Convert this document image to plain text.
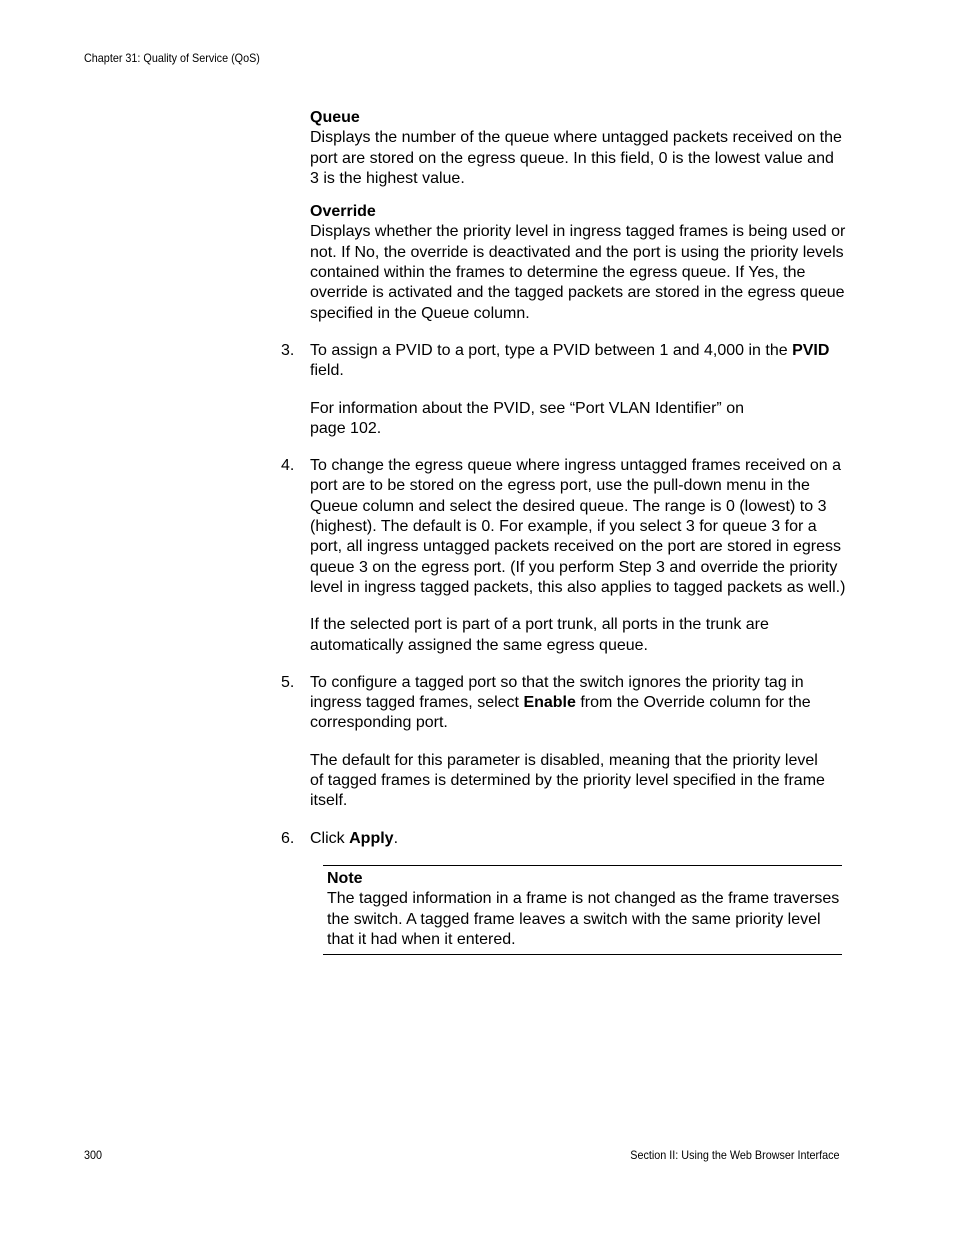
Chapter 31: Quality of Service (QoS)
Queue
Displays the number of the queue where untagged packets received on the port are stored on the egress queue. In this field, 0 is the lowest value and 3 is the highest value.
Override
Displays whether the priority level in ingress tagged frames is being used or not. If No, the override is deactivated and the port is using the priority levels contained within the frames to determine the egress queue. If Yes, the override is activated and the tagged packets are stored in the egress queue specified in the Queue column.
3. To assign a PVID to a port, type a PVID between 1 and 4,000 in the PVID field.
For information about the PVID, see “Port VLAN Identifier” on page 102.
4. To change the egress queue where ingress untagged frames received on a port are to be stored on the egress port, use the pull-down menu in the Queue column and select the desired queue. The range is 0 (lowest) to 3 (highest). The default is 0. For example, if you select 3 for queue 3 for a port, all ingress untagged packets received on the port are stored in egress queue 3 on the egress port. (If you perform Step 3 and override the priority level in ingress tagged packets, this also applies to tagged packets as well.)
If the selected port is part of a port trunk, all ports in the trunk are automatically assigned the same egress queue.
5. To configure a tagged port so that the switch ignores the priority tag in ingress tagged frames, select Enable from the Override column for the corresponding port.
The default for this parameter is disabled, meaning that the priority level of tagged frames is determined by the priority level specified in the frame itself.
6. Click Apply.
Note
The tagged information in a frame is not changed as the frame traverses the switch. A tagged frame leaves a switch with the same priority level that it had when it entered.
300	Section II: Using the Web Browser Interface
